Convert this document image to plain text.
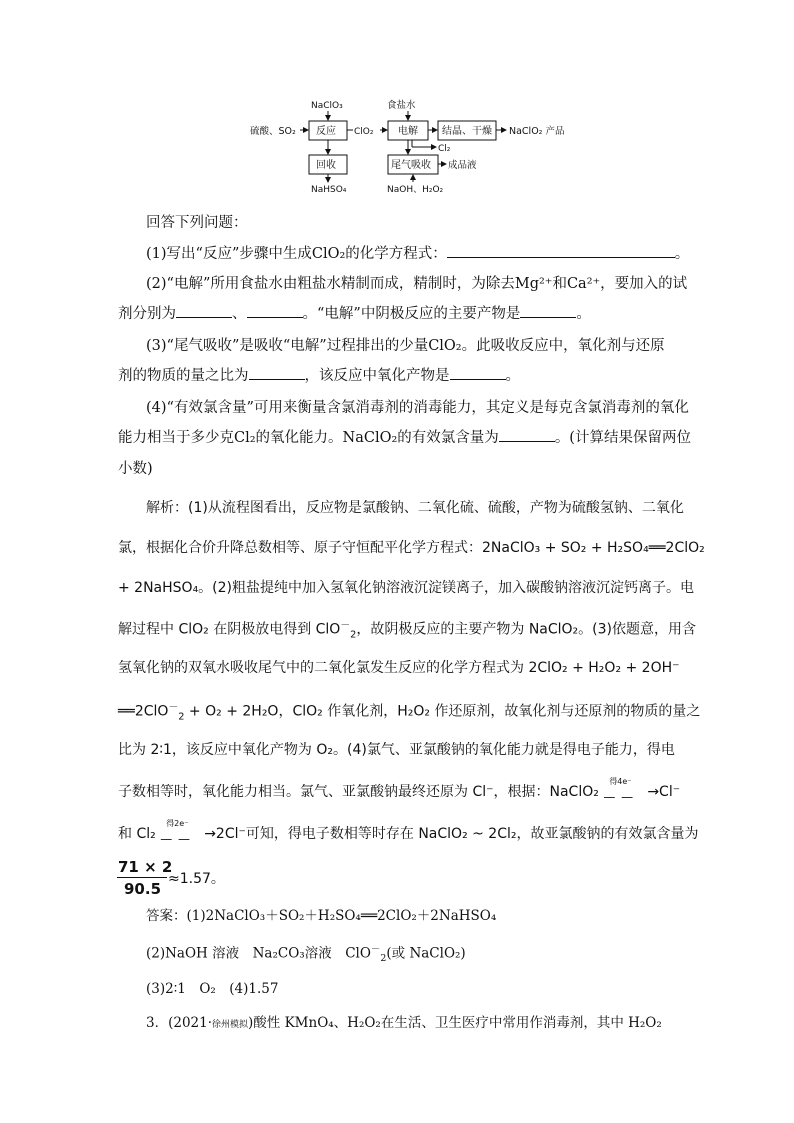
硫酸、SO₂
NaClO₃
反应 ClO₂
食盐水
电解 结晶、干燥 NaClO₂ 产品
Cl₂
回收
NaHSO₄
尾气吸收 成品液
NaOH、H₂O₂
回答下列问题：
(1)写出“反应”步骤中生成ClO₂的化学方程式：	。
(2)“电解”所用食盐水由粗盐水精制而成，精制时，为除去Mg²⁺和Ca²⁺，要加入的试
剂分别为	、	。“电解”中阴极反应的主要产物是	。
(3)“尾气吸收”是吸收“电解”过程排出的少量ClO₂。此吸收反应中，氧化剂与还原
剂的物质的量之比为	，该反应中氧化产物是	。
(4)“有效氯含量”可用来衡量含氯消毒剂的消毒能力，其定义是每克含氯消毒剂的氧化
能力相当于多少克Cl₂的氧化能力。NaClO₂的有效氯含量为	。(计算结果保留两位
小数)
解析：(1)从流程图看出，反应物是氯酸钠、二氧化硫、硫酸，产物为硫酸氢钠、二氧化
氯，根据化合价升降总数相等、原子守恒配平化学方程式：2NaClO₃ + SO₂ + H₂SO₄══2ClO₂
+ 2NaHSO₄。(2)粗盐提纯中加入氢氧化钠溶液沉淀镁离子，加入碳酸钠溶液沉淀钙离子。电
解过程中 ClO₂ 在阴极放电得到 ClO－$_2$，故阴极反应的主要产物为 NaClO₂。(3)依题意，用含
氢氧化钠的双氧水吸收尾气中的二氧化氯发生反应的化学方程式为 2ClO₂ + H₂O₂ + 2OH⁻
══2ClO－$_2$ + O₂ + 2H₂O，ClO₂ 作氧化剂，H₂O₂ 作还原剂，故氧化剂与还原剂的物质的量之
比为 2∶1，该反应中氧化产物为 O₂。(4)氯气、亚氯酸钠的氧化能力就是得电子能力，得电
子数相等时，氧化能力相当。氯气、亚氯酸钠最终还原为 Cl⁻，根据：NaClO₂
得4e⁻
— — →Cl⁻
和 Cl₂
得2e⁻
— — →2Cl⁻可知，得电子数相等时存在 NaClO₂ ~ 2Cl₂，故亚氯酸钠的有效氯含量为
71 × 2
90.5
≈1.57。
答案：(1)2NaClO₃＋SO₂＋H₂SO₄══2ClO₂＋2NaHSO₄
(2)NaOH 溶液　Na₂CO₃溶液　ClO－$_2$(或 NaClO₂)
(3)2∶1　O₂　(4)1.57
3．(2021·徐州模拟)酸性 KMnO₄、H₂O₂在生活、卫生医疗中常用作消毒剂，其中 H₂O₂
